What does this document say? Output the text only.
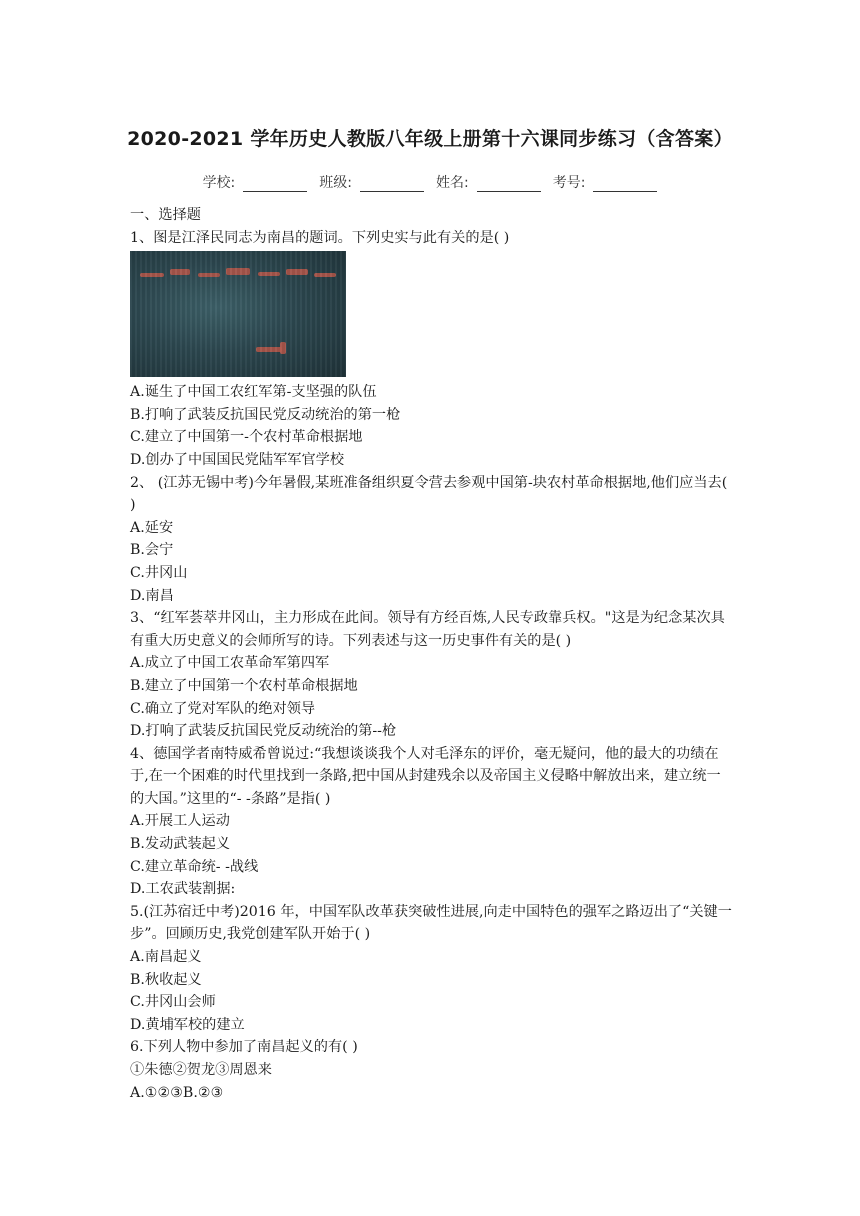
2020-2021 学年历史人教版八年级上册第十六课同步练习（含答案）
学校:	班级:	姓名:	考号:
一、选择题
1、图是江泽民同志为南昌的题词。下列史实与此有关的是( )
A.诞生了中国工农红军第-支坚强的队伍
B.打响了武装反抗国民党反动统治的第一枪
C.建立了中国第一-个农村革命根据地
D.创办了中国国民党陆军军官学校
2、 (江苏无锡中考)今年暑假,某班准备组织夏令营去参观中国第-块农村革命根据地,他们应当去( )
A.延安
B.会宁
C.井冈山
D.南昌
3、“红军荟萃井冈山，主力形成在此间。领导有方经百炼,人民专政靠兵权。"这是为纪念某次具有重大历史意义的会师所写的诗。下列表述与这一历史事件有关的是( )
A.成立了中国工农革命军第四军
B.建立了中国第一个农村革命根据地
C.确立了党对军队的绝对领导
D.打响了武装反抗国民党反动统治的第--枪
4、德国学者南特威希曾说过:“我想谈谈我个人对毛泽东的评价，毫无疑问，他的最大的功绩在于,在一个困难的时代里找到一条路,把中国从封建残余以及帝国主义侵略中解放出来，建立统一的大国。”这里的“- -条路”是指( )
A.开展工人运动
B.发动武装起义
C.建立革命统- -战线
D.工农武装割据:
5.(江苏宿迁中考)2016 年，中国军队改革获突破性进展,向走中国特色的强军之路迈出了“关键一步”。回顾历史,我党创建军队开始于( )
A.南昌起义
B.秋收起义
C.井冈山会师
D.黄埔军校的建立
6.下列人物中参加了南昌起义的有( )
①朱德②贺龙③周恩来
A.①②③B.②③
